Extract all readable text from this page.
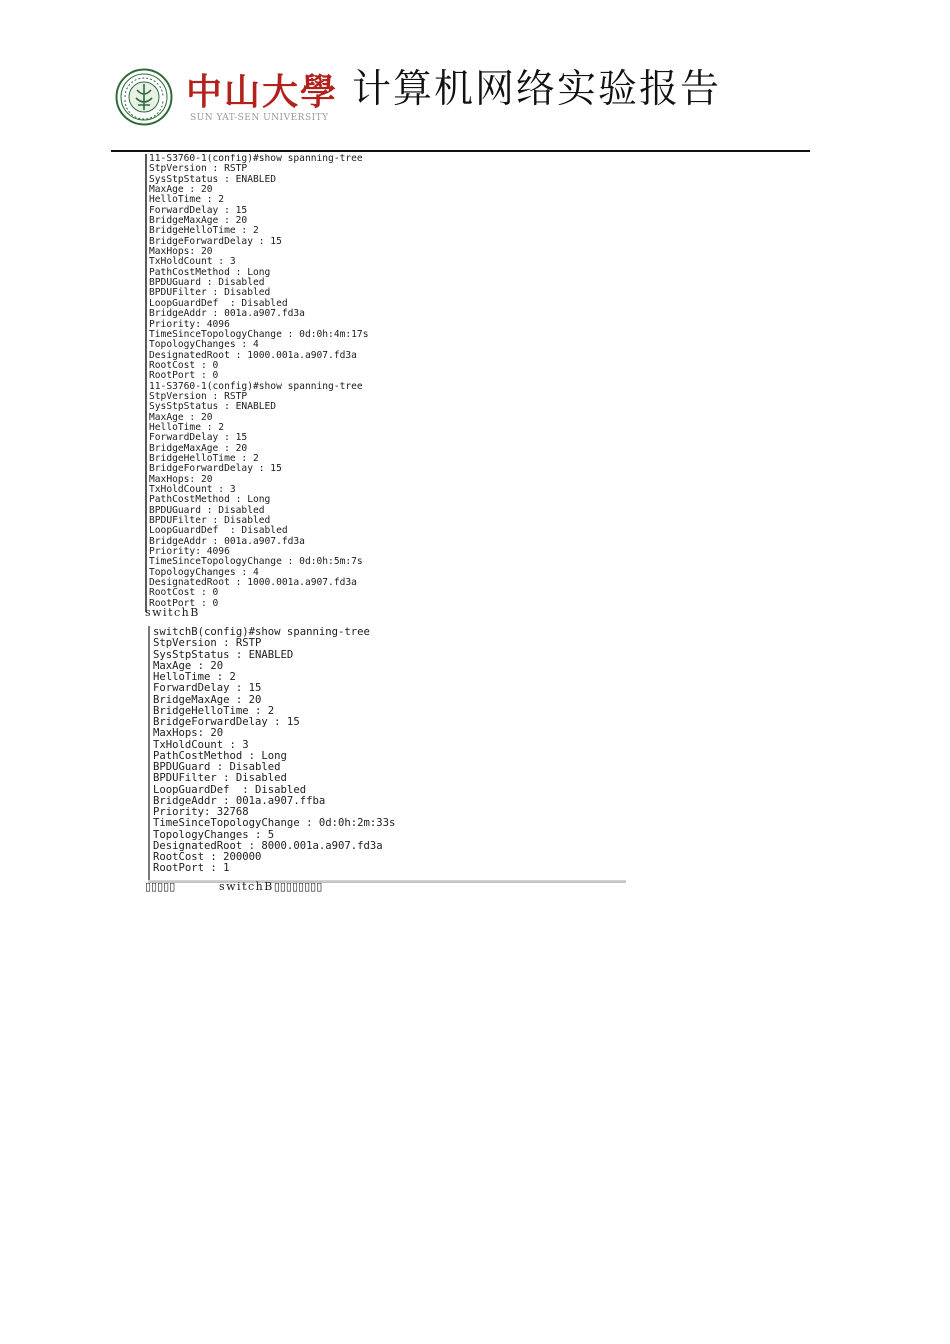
中山大學
SUN YAT-SEN UNIVERSITY
计算机网络实验报告
11-S3760-1(config)#show spanning-tree
StpVersion : RSTP
SysStpStatus : ENABLED
MaxAge : 20
HelloTime : 2
ForwardDelay : 15
BridgeMaxAge : 20
BridgeHelloTime : 2
BridgeForwardDelay : 15
MaxHops: 20
TxHoldCount : 3
PathCostMethod : Long
BPDUGuard : Disabled
BPDUFilter : Disabled
LoopGuardDef  : Disabled
BridgeAddr : 001a.a907.fd3a
Priority: 4096
TimeSinceTopologyChange : 0d:0h:4m:17s
TopologyChanges : 4
DesignatedRoot : 1000.001a.a907.fd3a
RootCost : 0
RootPort : 0
11-S3760-1(config)#show spanning-tree
StpVersion : RSTP
SysStpStatus : ENABLED
MaxAge : 20
HelloTime : 2
ForwardDelay : 15
BridgeMaxAge : 20
BridgeHelloTime : 2
BridgeForwardDelay : 15
MaxHops: 20
TxHoldCount : 3
PathCostMethod : Long
BPDUGuard : Disabled
BPDUFilter : Disabled
LoopGuardDef  : Disabled
BridgeAddr : 001a.a907.fd3a
Priority: 4096
TimeSinceTopologyChange : 0d:0h:5m:7s
TopologyChanges : 4
DesignatedRoot : 1000.001a.a907.fd3a
RootCost : 0
RootPort : 0
switchB
switchB(config)#show spanning-tree
StpVersion : RSTP
SysStpStatus : ENABLED
MaxAge : 20
HelloTime : 2
ForwardDelay : 15
BridgeMaxAge : 20
BridgeHelloTime : 2
BridgeForwardDelay : 15
MaxHops: 20
TxHoldCount : 3
PathCostMethod : Long
BPDUGuard : Disabled
BPDUFilter : Disabled
LoopGuardDef  : Disabled
BridgeAddr : 001a.a907.ffba
Priority: 32768
TimeSinceTopologyChange : 0d:0h:2m:33s
TopologyChanges : 5
DesignatedRoot : 8000.001a.a907.fd3a
RootCost : 200000
RootPort : 1
▯▯▯▯▯	switchB▯▯▯▯▯▯▯▯
